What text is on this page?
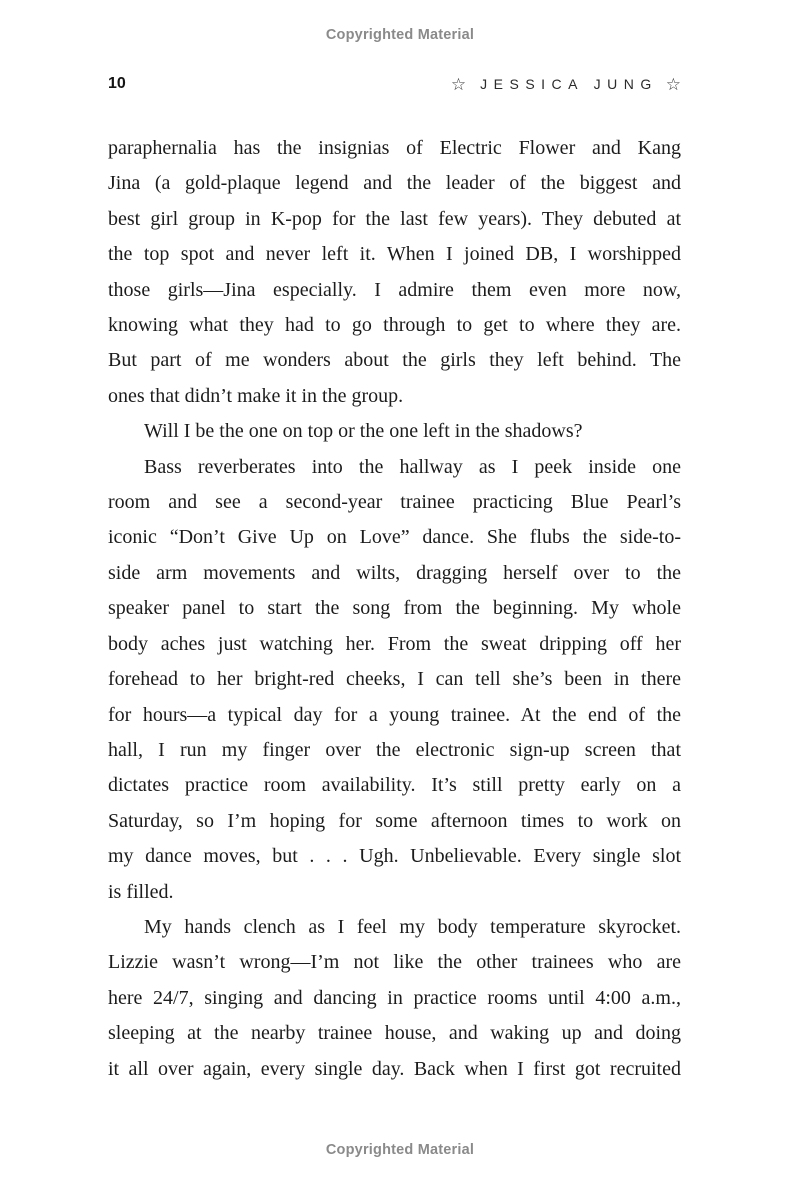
Copyrighted Material
10	☆ JESSICA JUNG ☆
paraphernalia has the insignias of Electric Flower and Kang
Jina (a gold-plaque legend and the leader of the biggest and
best girl group in K-pop for the last few years). They debuted at
the top spot and never left it. When I joined DB, I worshipped
those girls—Jina especially. I admire them even more now,
knowing what they had to go through to get to where they are.
But part of me wonders about the girls they left behind. The
ones that didn’t make it in the group.
Will I be the one on top or the one left in the shadows?
Bass reverberates into the hallway as I peek inside one
room and see a second-year trainee practicing Blue Pearl’s
iconic “Don’t Give Up on Love” dance. She flubs the side-to-
side arm movements and wilts, dragging herself over to the
speaker panel to start the song from the beginning. My whole
body aches just watching her. From the sweat dripping off her
forehead to her bright-red cheeks, I can tell she’s been in there
for hours—a typical day for a young trainee. At the end of the
hall, I run my finger over the electronic sign-up screen that
dictates practice room availability. It’s still pretty early on a
Saturday, so I’m hoping for some afternoon times to work on
my dance moves, but . . . Ugh. Unbelievable. Every single slot
is filled.
My hands clench as I feel my body temperature skyrocket.
Lizzie wasn’t wrong—I’m not like the other trainees who are
here 24/7, singing and dancing in practice rooms until 4:00 a.m.,
sleeping at the nearby trainee house, and waking up and doing
it all over again, every single day. Back when I first got recruited
Copyrighted Material
